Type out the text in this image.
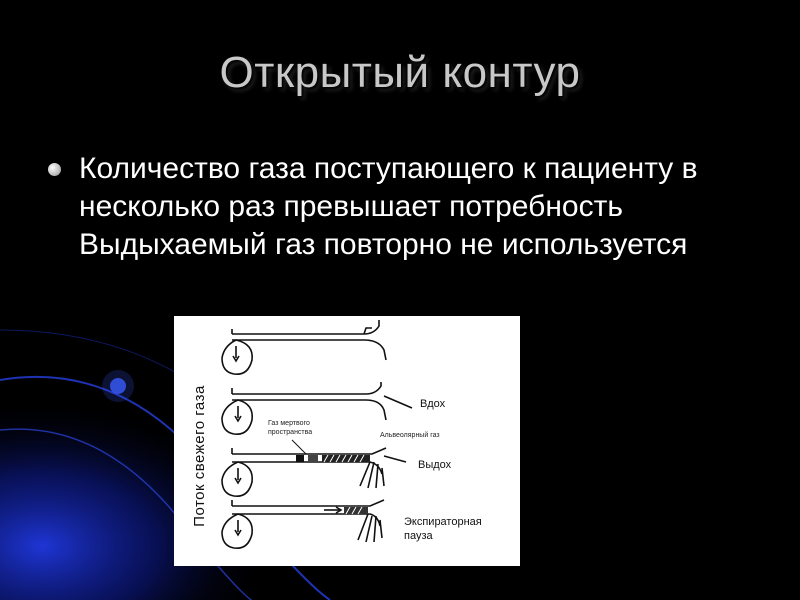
Открытый контур
Количество газа поступающего к пациенту в несколько раз превышает потребность Выдыхаемый газ повторно не используется
Поток свежего газа	Вдох
Газ мертвого
пространства	Альвеолярный газ
Выдох
Экспираторная
пауза
